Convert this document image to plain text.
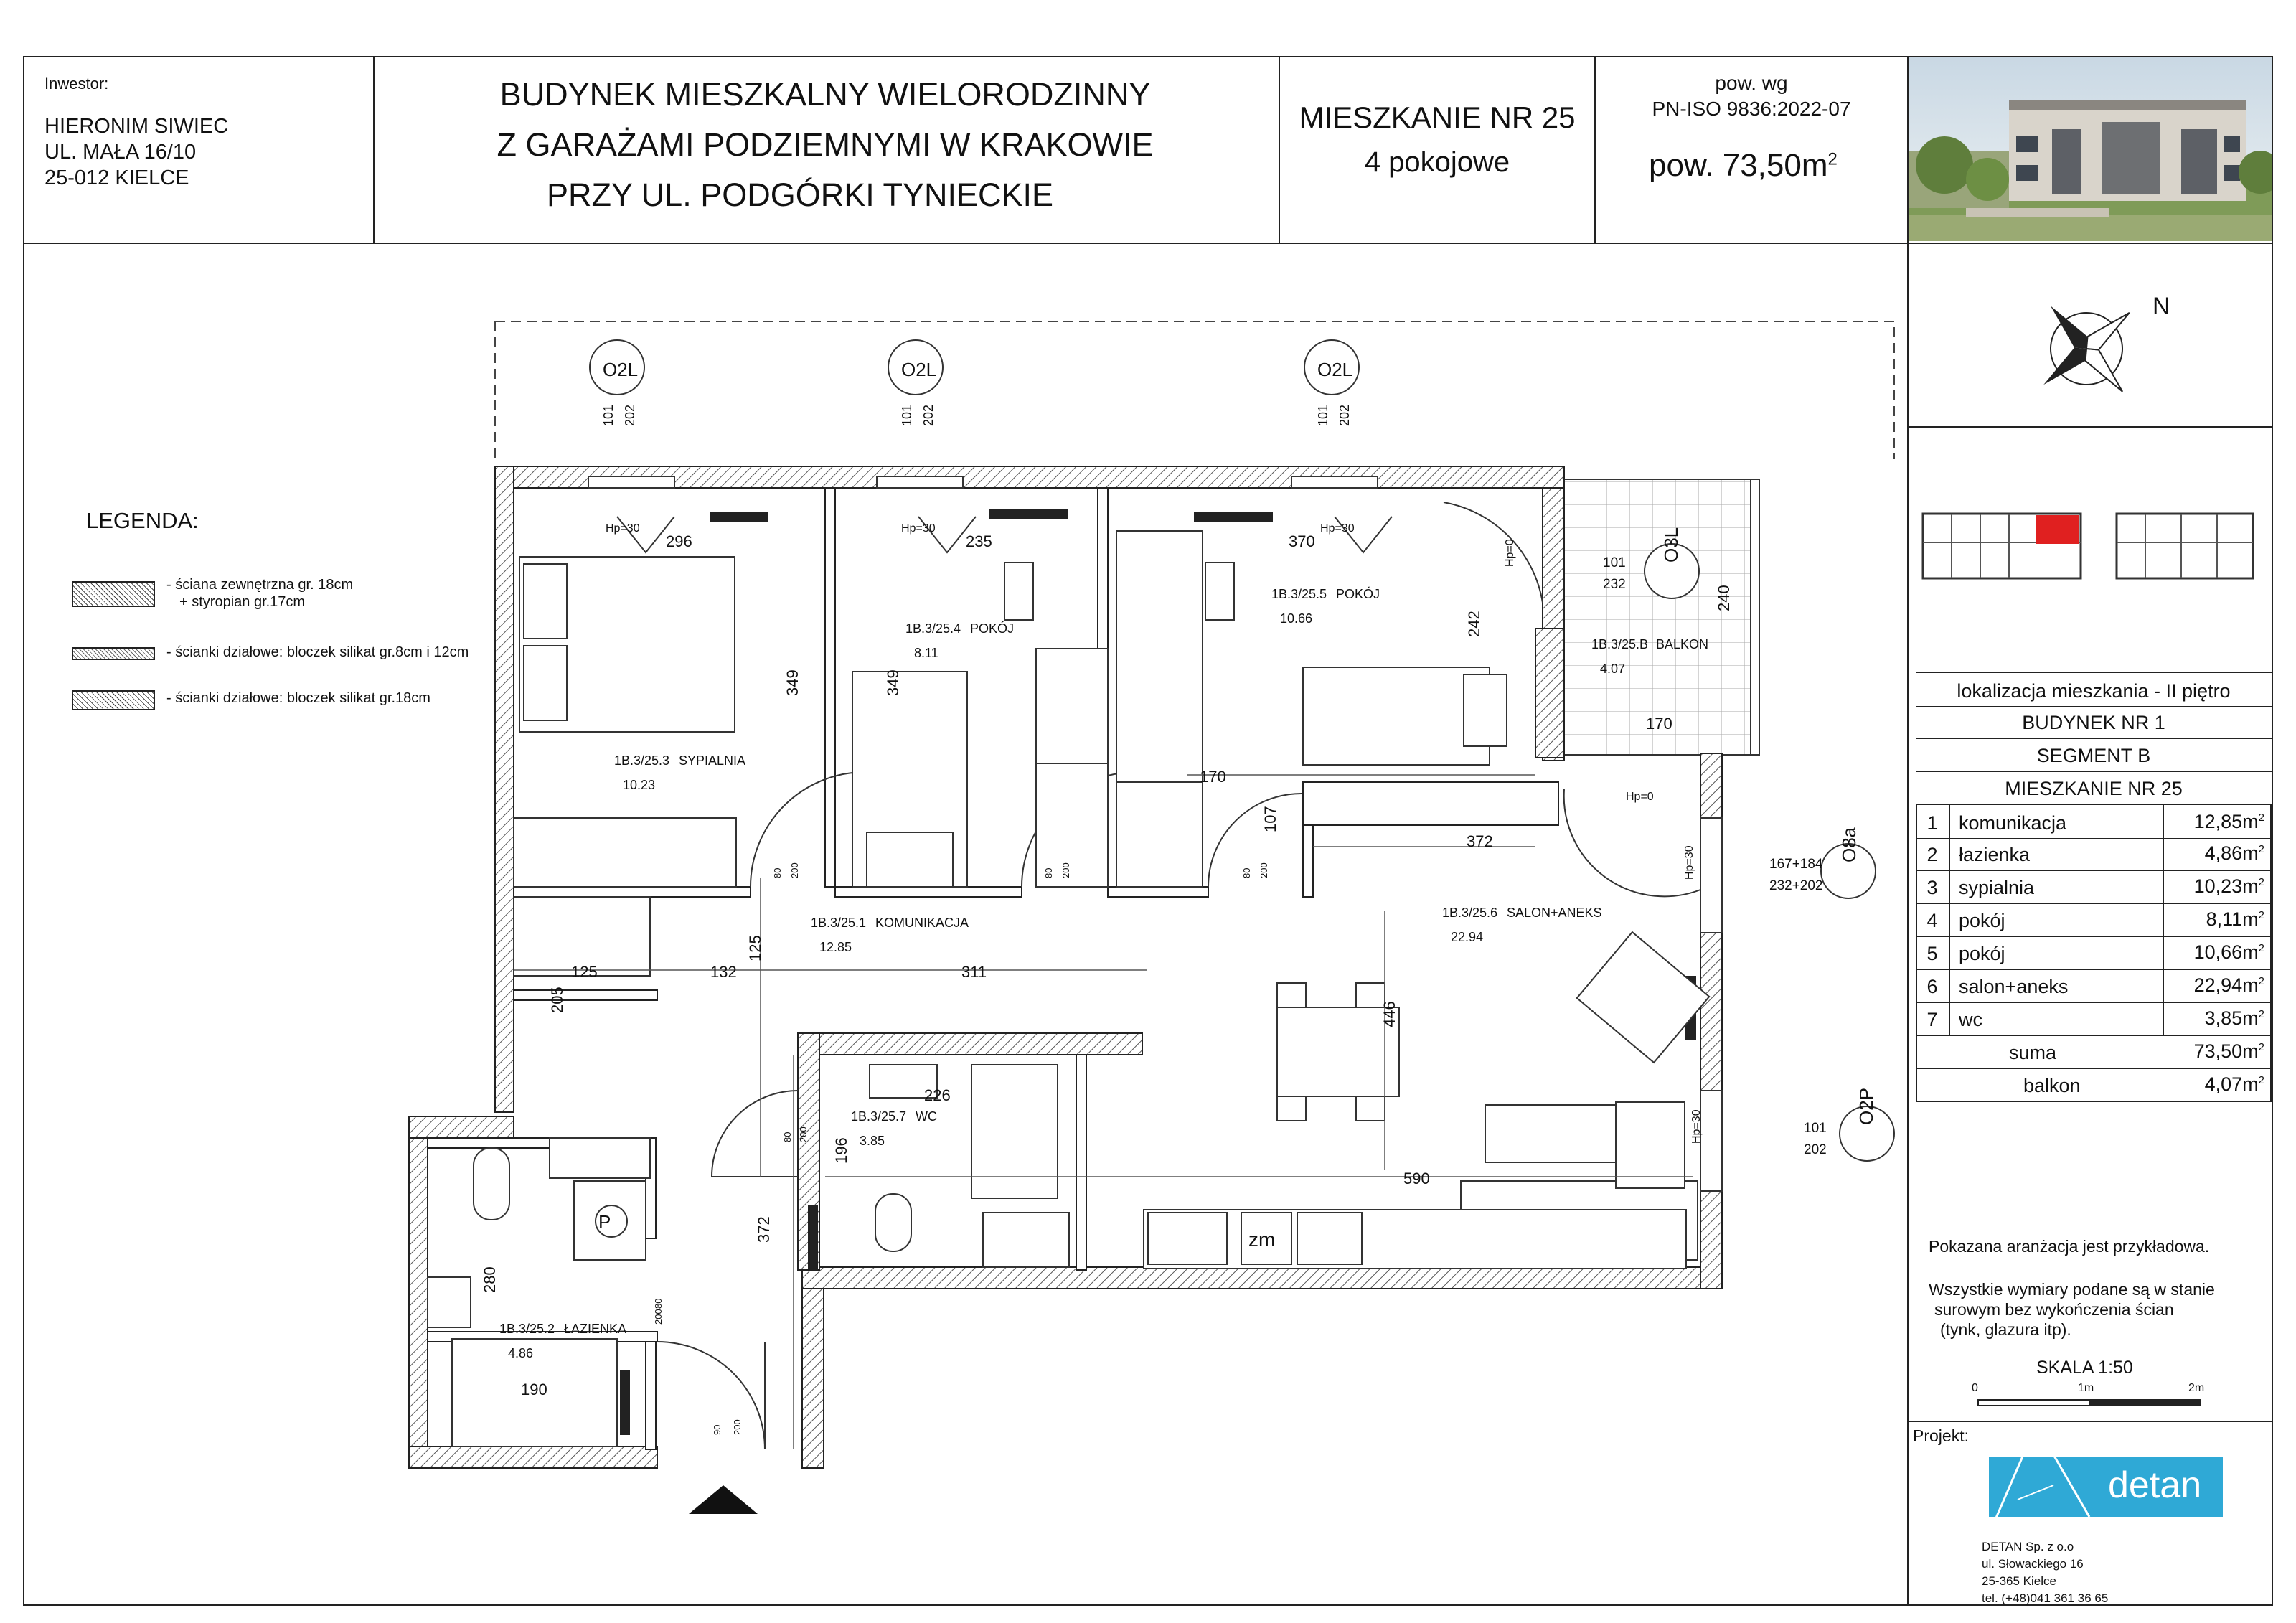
Inwestor:
HIERONIM SIWIEC
UL. MAŁA 16/10
25-012 KIELCE
BUDYNEK MIESZKALNY WIELORODZINNY
Z GARAŻAMI PODZIEMNYMI W KRAKOWIE
PRZY UL. PODGÓRKI TYNIECKIE
MIESZKANIE NR 25
4 pokojowe
pow. wg
PN-ISO 9836:2022-07
pow. $73,50m^2$
N
lokalizacja mieszkania - II piętro
BUDYNEK NR 1
SEGMENT B
MIESZKANIE NR 25
1	komunikacja	$12,85m^2$
2	łazienka	$4,86m^2$
3	sypialnia	$10,23m^2$
4	pokój	$8,11m^2$
5	pokój	$10,66m^2$
6	salon+aneks	$22,94m^2$
7	wc	$3,85m^2$
suma	$73,50m^2$
balkon	$4,07m^2$
Pokazana aranżacja jest przykładowa.
Wszystkie wymiary podane są w stanie
surowym bez wykończenia ścian
(tynk, glazura itp).
SKALA 1:50
0	1m	2m
Projekt:
detan
DETAN Sp. z o.o
ul. Słowackiego 16
25-365 Kielce
tel. (+48)041 361 36 65
LEGENDA:
- ściana zewnętrzna gr. 18cm
+ styropian gr.17cm
- ścianki działowe: bloczek silikat gr.8cm i 12cm
- ścianki działowe: bloczek silikat gr.18cm
O2L	O2L	O2L
O3L
O8a
O2P
101 202	101 202	101 202
101
232
167+184
232+202
101
202
Hp=30	Hp=30	Hp=30
Hp=0
Hp=0
Hp=30
Hp=30
1B.3/25.3 SYPIALNIA
10.23
1B.3/25.4 POKÓJ
8.11
1B.3/25.5 POKÓJ
10.66
1B.3/25.B BALKON
4.07
1B.3/25.1 KOMUNIKACJA
12.85
1B.3/25.6 SALON+ANEKS
22.94
1B.3/25.7 WC
3.85
1B.3/25.2 ŁAZIENKA
4.86
296	235	370
349	349
242
240
170
170
107
372
125
132	311
125
205
226
196
446
590
372
280
190
80 200	80 200	80 200
80 200
80
200
90 200
P
zm
